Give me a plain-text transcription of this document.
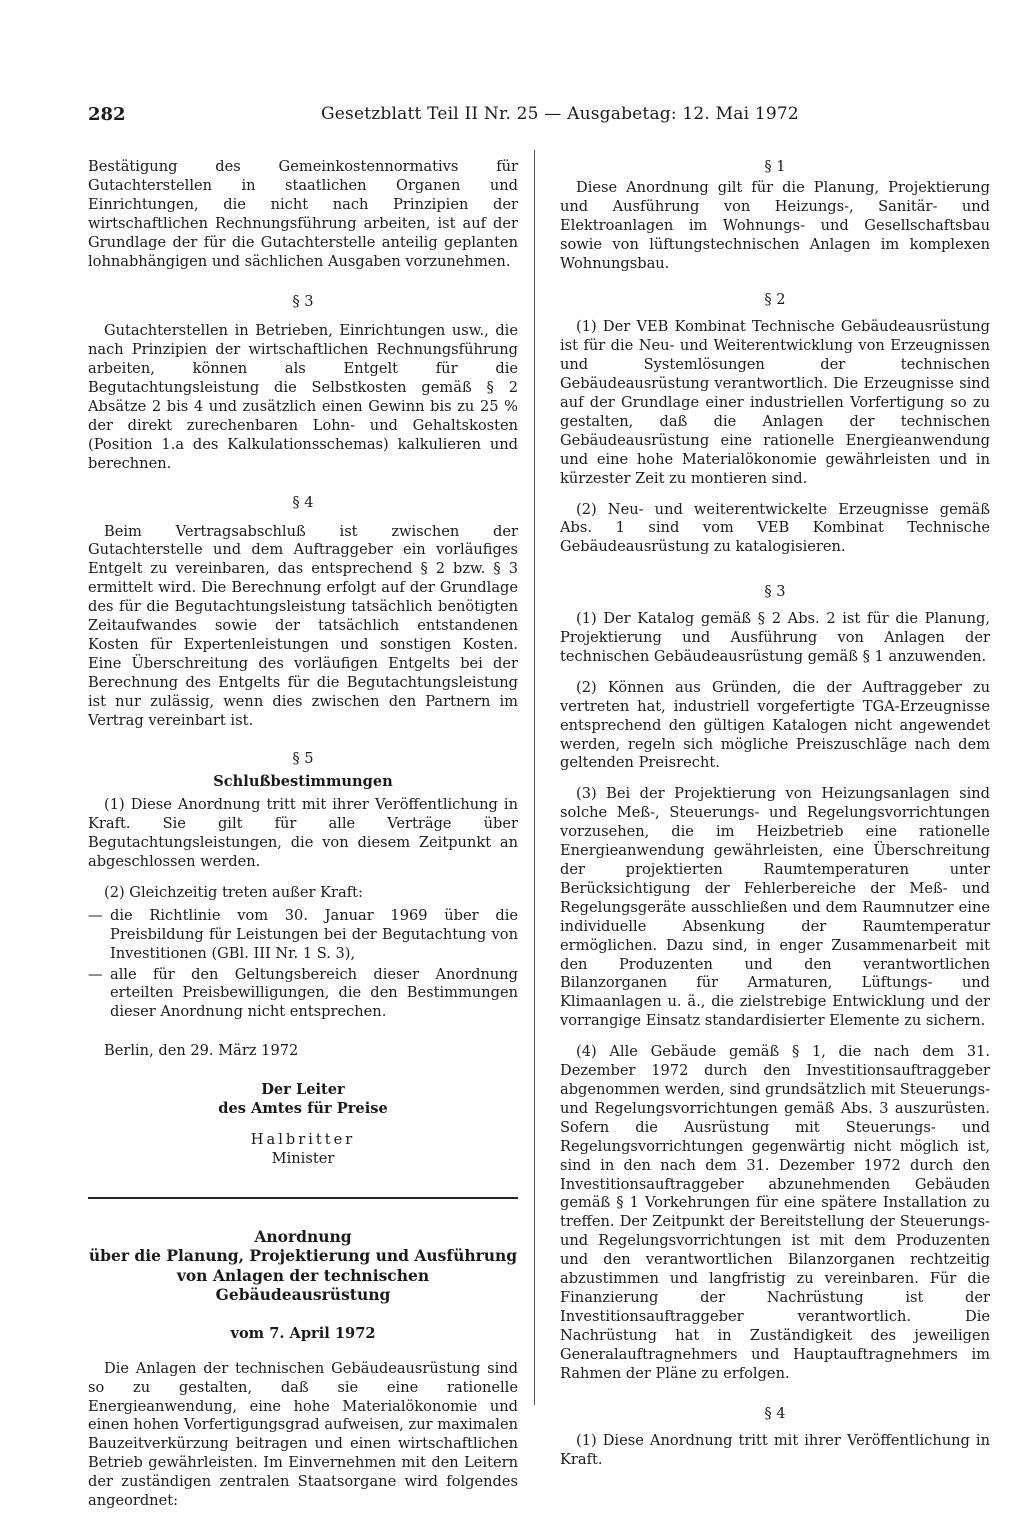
282	Gesetzblatt Teil II Nr. 25 — Ausgabetag: 12. Mai 1972

Bestätigung des Gemeinkostennormativs für Gutachterstellen in staatlichen Organen und Einrichtungen, die nicht nach Prinzipien der wirtschaftlichen Rechnungsführung arbeiten, ist auf der Grundlage der für die Gutachterstelle anteilig geplanten lohnabhängigen und sächlichen Ausgaben vorzunehmen.

§ 3

Gutachterstellen in Betrieben, Einrichtungen usw., die nach Prinzipien der wirtschaftlichen Rechnungsführung arbeiten, können als Entgelt für die Begutachtungsleistung die Selbstkosten gemäß § 2 Absätze 2 bis 4 und zusätzlich einen Gewinn bis zu 25 % der direkt zurechenbaren Lohn- und Gehaltskosten (Position 1.a des Kalkulationsschemas) kalkulieren und berechnen.

§ 4

Beim Vertragsabschluß ist zwischen der Gutachterstelle und dem Auftraggeber ein vorläufiges Entgelt zu vereinbaren, das entsprechend § 2 bzw. § 3 ermittelt wird. Die Berechnung erfolgt auf der Grundlage des für die Begutachtungsleistung tatsächlich benötigten Zeitaufwandes sowie der tatsächlich entstandenen Kosten für Expertenleistungen und sonstigen Kosten. Eine Überschreitung des vorläufigen Entgelts bei der Berechnung des Entgelts für die Begutachtungsleistung ist nur zulässig, wenn dies zwischen den Partnern im Vertrag vereinbart ist.

§ 5

Schlußbestimmungen

(1) Diese Anordnung tritt mit ihrer Veröffentlichung in Kraft. Sie gilt für alle Verträge über Begutachtungsleistungen, die von diesem Zeitpunkt an abgeschlossen werden.

(2) Gleichzeitig treten außer Kraft:

— die Richtlinie vom 30. Januar 1969 über die Preisbildung für Leistungen bei der Begutachtung von Investitionen (GBl. III Nr. 1 S. 3),

— alle für den Geltungsbereich dieser Anordnung erteilten Preisbewilligungen, die den Bestimmungen dieser Anordnung nicht entsprechen.

Berlin, den 29. März 1972

Der Leiter

des Amtes für Preise

Halbritter

Minister

Anordnung

über die Planung, Projektierung und Ausführung

von Anlagen der technischen Gebäudeausrüstung

vom 7. April 1972

Die Anlagen der technischen Gebäudeausrüstung sind so zu gestalten, daß sie eine rationelle Energieanwendung, eine hohe Materialökonomie und einen hohen Vorfertigungsgrad aufweisen, zur maximalen Bauzeitverkürzung beitragen und einen wirtschaftlichen Betrieb gewährleisten. Im Einvernehmen mit den Leitern der zuständigen zentralen Staatsorgane wird folgendes angeordnet:

§ 1

Diese Anordnung gilt für die Planung, Projektierung und Ausführung von Heizungs-, Sanitär- und Elektroanlagen im Wohnungs- und Gesellschaftsbau sowie von lüftungstechnischen Anlagen im komplexen Wohnungsbau.

§ 2

(1) Der VEB Kombinat Technische Gebäudeausrüstung ist für die Neu- und Weiterentwicklung von Erzeugnissen und Systemlösungen der technischen Gebäudeausrüstung verantwortlich. Die Erzeugnisse sind auf der Grundlage einer industriellen Vorfertigung so zu gestalten, daß die Anlagen der technischen Gebäudeausrüstung eine rationelle Energieanwendung und eine hohe Materialökonomie gewährleisten und in kürzester Zeit zu montieren sind.

(2) Neu- und weiterentwickelte Erzeugnisse gemäß Abs. 1 sind vom VEB Kombinat Technische Gebäudeausrüstung zu katalogisieren.

§ 3

(1) Der Katalog gemäß § 2 Abs. 2 ist für die Planung, Projektierung und Ausführung von Anlagen der technischen Gebäudeausrüstung gemäß § 1 anzuwenden.

(2) Können aus Gründen, die der Auftraggeber zu vertreten hat, industriell vorgefertigte TGA-Erzeugnisse entsprechend den gültigen Katalogen nicht angewendet werden, regeln sich mögliche Preiszuschläge nach dem geltenden Preisrecht.

(3) Bei der Projektierung von Heizungsanlagen sind solche Meß-, Steuerungs- und Regelungsvorrichtungen vorzusehen, die im Heizbetrieb eine rationelle Energieanwendung gewährleisten, eine Überschreitung der projektierten Raumtemperaturen unter Berücksichtigung der Fehlerbereiche der Meß- und Regelungsgeräte ausschließen und dem Raumnutzer eine individuelle Absenkung der Raumtemperatur ermöglichen. Dazu sind, in enger Zusammenarbeit mit den Produzenten und den verantwortlichen Bilanzorganen für Armaturen, Lüftungs- und Klimaanlagen u. ä., die zielstrebige Entwicklung und der vorrangige Einsatz standardisierter Elemente zu sichern.

(4) Alle Gebäude gemäß § 1, die nach dem 31. Dezember 1972 durch den Investitionsauftraggeber abgenommen werden, sind grundsätzlich mit Steuerungs- und Regelungsvorrichtungen gemäß Abs. 3 auszurüsten. Sofern die Ausrüstung mit Steuerungs- und Regelungsvorrichtungen gegenwärtig nicht möglich ist, sind in den nach dem 31. Dezember 1972 durch den Investitionsauftraggeber abzunehmenden Gebäuden gemäß § 1 Vorkehrungen für eine spätere Installation zu treffen. Der Zeitpunkt der Bereitstellung der Steuerungs- und Regelungsvorrichtungen ist mit dem Produzenten und den verantwortlichen Bilanzorganen rechtzeitig abzustimmen und langfristig zu vereinbaren. Für die Finanzierung der Nachrüstung ist der Investitionsauftraggeber verantwortlich. Die Nachrüstung hat in Zuständigkeit des jeweiligen Generalauftragnehmers und Hauptauftragnehmers im Rahmen der Pläne zu erfolgen.

§ 4

(1) Diese Anordnung tritt mit ihrer Veröffentlichung in Kraft.
